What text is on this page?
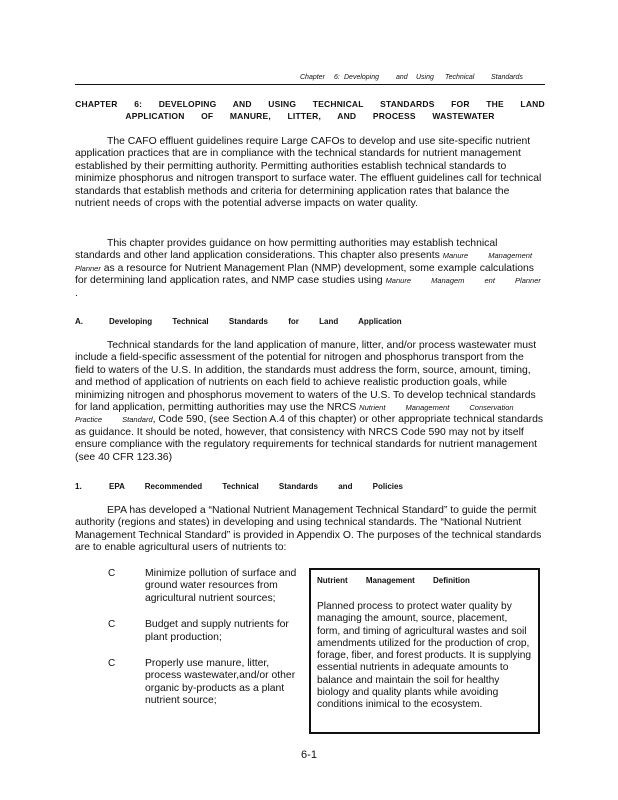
Chapter 6: Developing and Using Technical Standards
CHAPTER 6: DEVELOPING AND USING TECHNICAL STANDARDS FOR THE LAND
APPLICATION OF MANURE, LITTER, AND PROCESS WASTEWATER
The CAFO effluent guidelines require Large CAFOs to develop and use site-specific nutrient application practices that are in compliance with the technical standards for nutrient management established by their permitting authority. Permitting authorities establish technical standards to minimize phosphorus and nitrogen transport to surface water. The effluent guidelines call for technical standards that establish methods and criteria for determining application rates that balance the nutrient needs of crops with the potential adverse impacts on water quality.
This chapter provides guidance on how permitting authorities may establish technical standards and other land application considerations. This chapter also presents Manure Management Planner as a resource for Nutrient Management Plan (NMP) development, some example calculations for determining land application rates, and NMP case studies using Manure Managem ent Planner .
A.	Developing Technical Standards for Land Application
Technical standards for the land application of manure, litter, and/or process wastewater must include a field-specific assessment of the potential for nitrogen and phosphorus transport from the field to waters of the U.S. In addition, the standards must address the form, source, amount, timing, and method of application of nutrients on each field to achieve realistic production goals, while minimizing nitrogen and phosphorus movement to waters of the U.S. To develop technical standards for land application, permitting authorities may use the NRCS Nutrient Management Conservation Practice Standard, Code 590, (see Section A.4 of this chapter) or other appropriate technical standards as guidance. It should be noted, however, that consistency with NRCS Code 590 may not by itself ensure compliance with the regulatory requirements for technical standards for nutrient management (see 40 CFR 123.36)
1.	EPA Recommended Technical Standards and Policies
EPA has developed a “National Nutrient Management Technical Standard” to guide the permit authority (regions and states) in developing and using technical standards. The “National Nutrient Management Technical Standard” is provided in Appendix O. The purposes of the technical standards are to enable agricultural users of nutrients to:
C	Minimize pollution of surface and ground water resources from agricultural nutrient sources;
C	Budget and supply nutrients for plant production;
C	Properly use manure, litter, process wastewater,and/or other organic by-products as a plant nutrient source;
Nutrient Management Definition
Planned process to protect water quality by managing the amount, source, placement, form, and timing of agricultural wastes and soil amendments utilized for the production of crop, forage, fiber, and forest products. It is supplying essential nutrients in adequate amounts to balance and maintain the soil for healthy biology and quality plants while avoiding conditions inimical to the ecosystem.
6-1
